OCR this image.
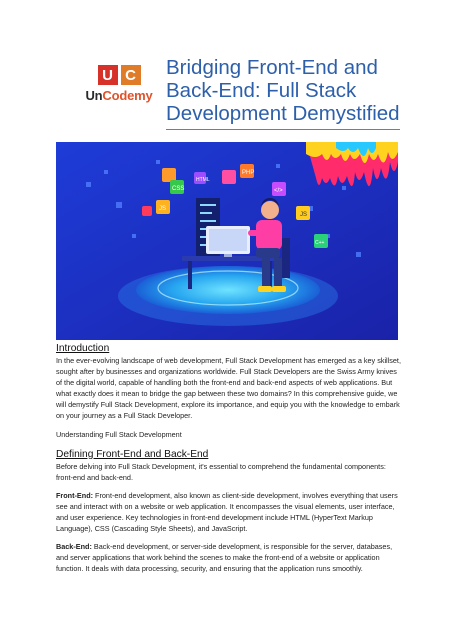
U C
UnCodemy
Bridging Front-End and Back-End: Full Stack Development Demystified
CSS
HTML
PHP
</>
JS
JS
C++
Introduction

In the ever-evolving landscape of web development, Full Stack Development has emerged as a key skillset, sought after by businesses and organizations worldwide. Full Stack Developers are the Swiss Army knives of the digital world, capable of handling both the front-end and back-end aspects of web applications. But what exactly does it mean to bridge the gap between these two domains? In this comprehensive guide, we will demystify Full Stack Development, explore its importance, and equip you with the knowledge to embark on your journey as a Full Stack Developer.

Understanding Full Stack Development

Defining Front-End and Back-End

Before delving into Full Stack Development, it's essential to comprehend the fundamental components: front-end and back-end.

Front-End: Front-end development, also known as client-side development, involves everything that users see and interact with on a website or web application. It encompasses the visual elements, user interface, and user experience. Key technologies in front-end development include HTML (HyperText Markup Language), CSS (Cascading Style Sheets), and JavaScript.

Back-End: Back-end development, or server-side development, is responsible for the server, databases, and server applications that work behind the scenes to make the front-end of a website or application function. It deals with data processing, security, and ensuring that the application runs smoothly.
